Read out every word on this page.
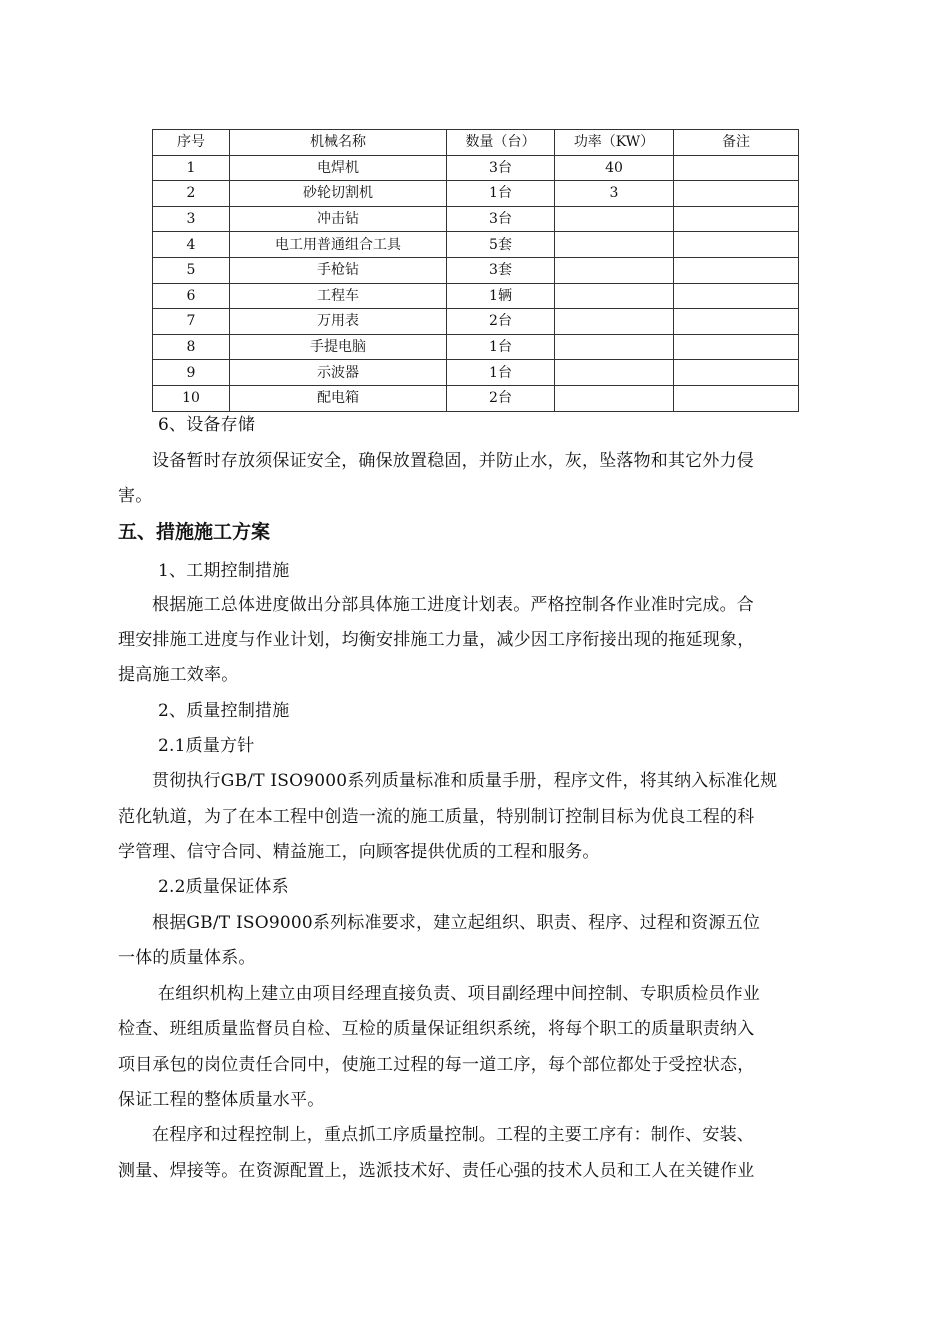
序号	机械名称	数量（台）	功率（KW）	备注
1	电焊机	3台	40	
2	砂轮切割机	1台	3	
3	冲击钻	3台		
4	电工用普通组合工具	5套		
5	手枪钻	3套		
6	工程车	1辆		
7	万用表	2台		
8	手提电脑	1台		
9	示波器	1台		
10	配电箱	2台		
6、设备存储
设备暂时存放须保证安全，确保放置稳固，并防止水，灰，坠落物和其它外力侵
害。
五、措施施工方案
1、工期控制措施
根据施工总体进度做出分部具体施工进度计划表。严格控制各作业准时完成。合
理安排施工进度与作业计划，均衡安排施工力量，减少因工序衔接出现的拖延现象，
提高施工效率。
2、质量控制措施
2.1质量方针
贯彻执行GB/T ISO9000系列质量标准和质量手册，程序文件，将其纳入标准化规
范化轨道，为了在本工程中创造一流的施工质量，特别制订控制目标为优良工程的科
学管理、信守合同、精益施工，向顾客提供优质的工程和服务。
2.2质量保证体系
根据GB/T ISO9000系列标准要求，建立起组织、职责、程序、过程和资源五位
一体的质量体系。
在组织机构上建立由项目经理直接负责、项目副经理中间控制、专职质检员作业
检查、班组质量监督员自检、互检的质量保证组织系统，将每个职工的质量职责纳入
项目承包的岗位责任合同中，使施工过程的每一道工序，每个部位都处于受控状态，
保证工程的整体质量水平。
在程序和过程控制上，重点抓工序质量控制。工程的主要工序有：制作、安装、
测量、焊接等。在资源配置上，选派技术好、责任心强的技术人员和工人在关键作业
